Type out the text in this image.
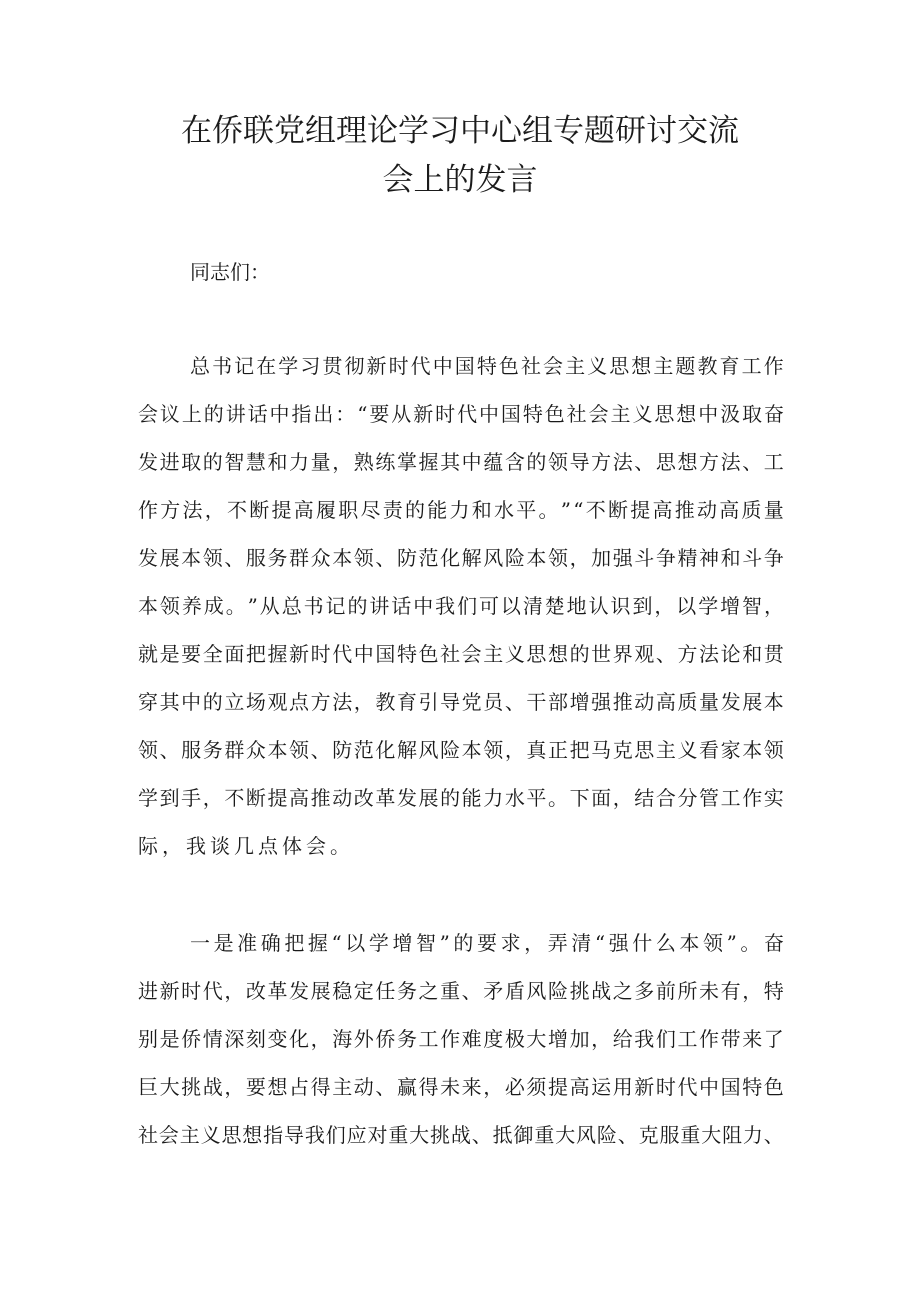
在侨联党组理论学习中心组专题研讨交流
会上的发言
同志们：
总 书 记 在 学 习 贯 彻 新 时 代 中 国 特 色 社 会 主 义 思 想 主 题 教 育 工 作
会 议 上 的 讲 话 中 指 出 ： “ 要 从 新 时 代 中 国 特 色 社 会 主 义 思 想 中 汲 取 奋
发 进 取 的 智 慧 和 力 量 ， 熟 练 掌 握 其 中 蕴 含 的 领 导 方 法 、 思 想 方 法 、 工
作 方 法 ， 不 断 提 高 履 职 尽 责 的 能 力 和 水 平 。 ” “ 不 断 提 高 推 动 高 质 量
发 展 本 领 、 服 务 群 众 本 领 、 防 范 化 解 风 险 本 领 ， 加 强 斗 争 精 神 和 斗 争
本 领 养 成 。 ” 从 总 书 记 的 讲 话 中 我 们 可 以 清 楚 地 认 识 到 ， 以 学 增 智 ，
就 是 要 全 面 把 握 新 时 代 中 国 特 色 社 会 主 义 思 想 的 世 界 观 、 方 法 论 和 贯
穿 其 中 的 立 场 观 点 方 法 ， 教 育 引 导 党 员 、 干 部 增 强 推 动 高 质 量 发 展 本
领 、 服 务 群 众 本 领 、 防 范 化 解 风 险 本 领 ， 真 正 把 马 克 思 主 义 看 家 本 领
学 到 手 ， 不 断 提 高 推 动 改 革 发 展 的 能 力 水 平 。 下 面 ， 结 合 分 管 工 作 实
际，我谈几点体会。
一 是 准 确 把 握 “ 以 学 增 智 ” 的 要 求 ， 弄 清 “ 强 什 么 本 领 ” 。 奋
进 新 时 代 ， 改 革 发 展 稳 定 任 务 之 重 、 矛 盾 风 险 挑 战 之 多 前 所 未 有 ， 特
别 是 侨 情 深 刻 变 化 ， 海 外 侨 务 工 作 难 度 极 大 增 加 ， 给 我 们 工 作 带 来 了
巨 大 挑 战 ， 要 想 占 得 主 动 、 赢 得 未 来 ， 必 须 提 高 运 用 新 时 代 中 国 特 色
社 会 主 义 思 想 指 导 我 们 应 对 重 大 挑 战 、 抵 御 重 大 风 险 、 克 服 重 大 阻 力 、
